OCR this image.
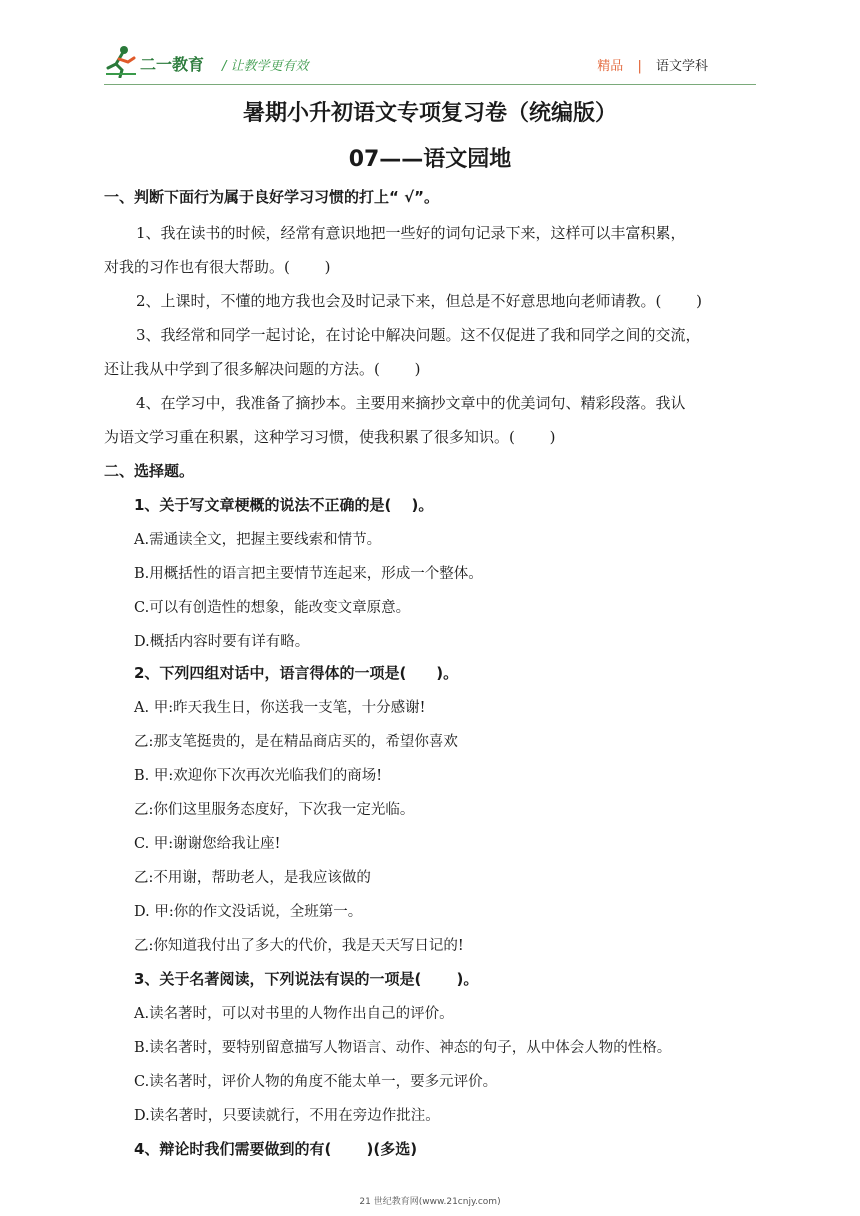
二一教育 / 让教学更有效	精品 | 语文学科
暑期小升初语文专项复习卷（统编版）
07——语文园地
一、判断下面行为属于良好学习习惯的打上“ √”。
1、我在读书的时候，经常有意识地把一些好的词句记录下来，这样可以丰富积累，
对我的习作也有很大帮助。(　　 )
2、上课时，不懂的地方我也会及时记录下来，但总是不好意思地向老师请教。(　　 )
3、我经常和同学一起讨论，在讨论中解决问题。这不仅促进了我和同学之间的交流，
还让我从中学到了很多解决问题的方法。(　　 )
4、在学习中，我准备了摘抄本。主要用来摘抄文章中的优美词句、精彩段落。我认
为语文学习重在积累，这种学习习惯，使我积累了很多知识。(　　 )
二、选择题。
1、关于写文章梗概的说法不正确的是(　 )。
A.需通读全文，把握主要线索和情节。
B.用概括性的语言把主要情节连起来，形成一个整体。
C.可以有创造性的想象，能改变文章原意。
D.概括内容时要有详有略。
2、下列四组对话中，语言得体的一项是(　　)。
A. 甲:昨天我生日，你送我一支笔，十分感谢!
乙:那支笔挺贵的，是在精品商店买的，希望你喜欢
B. 甲:欢迎你下次再次光临我们的商场!
乙:你们这里服务态度好，下次我一定光临。
C. 甲:谢谢您给我让座!
乙:不用谢，帮助老人，是我应该做的
D. 甲:你的作文没话说，全班第一。
乙:你知道我付出了多大的代价，我是天天写日记的!
3、关于名著阅读，下列说法有误的一项是(　　 )。
A.读名著时，可以对书里的人物作出自己的评价。
B.读名著时，要特别留意描写人物语言、动作、神态的句子，从中体会人物的性格。
C.读名著时，评价人物的角度不能太单一，要多元评价。
D.读名著时，只要读就行，不用在旁边作批注。
4、辩论时我们需要做到的有(　　 )(多选)
21 世纪教育网(www.21cnjy.com)
